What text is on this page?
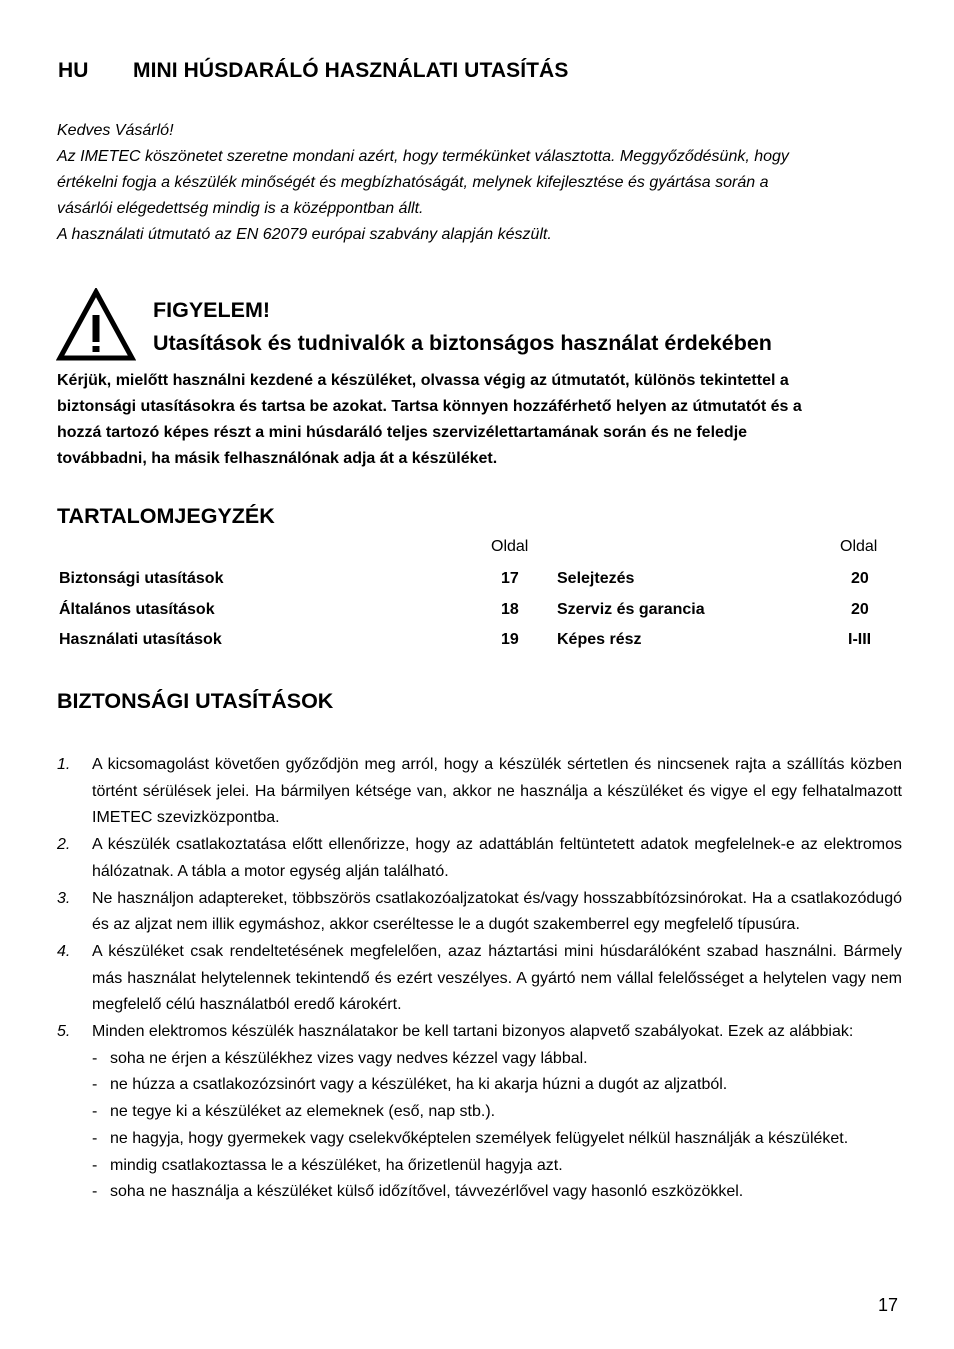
HU MINI HÚSDARÁLÓ HASZNÁLATI UTASÍTÁS
Kedves Vásárló!
Az IMETEC köszönetet szeretne mondani azért, hogy termékünket választotta. Meggyőződésünk, hogy
értékelni fogja a készülék minőségét és megbízhatóságát, melynek kifejlesztése és gyártása során a
vásárlói elégedettség mindig is a középpontban állt.
A használati útmutató az EN 62079 európai szabvány alapján készült.
FIGYELEM!
Utasítások és tudnivalók a biztonságos használat érdekében
Kérjük, mielőtt használni kezdené a készüléket, olvassa végig az útmutatót, különös tekintettel a
biztonsági utasításokra és tartsa be azokat. Tartsa könnyen hozzáférhető helyen az útmutatót és a
hozzá tartozó képes részt a mini húsdaráló teljes szervizélettartamának során és ne feledje
továbbadni, ha másik felhasználónak adja át a készüléket.
TARTALOMJEGYZÉK
Oldal	Oldal
Biztonsági utasítások	17 Selejtezés	20
Általános utasítások	18 Szerviz és garancia	20
Használati utasítások	19 Képes rész	I-III
BIZTONSÁGI UTASÍTÁSOK
1. A kicsomagolást követően győződjön meg arról, hogy a készülék sértetlen és nincsenek rajta a szállítás közben történt sérülések jelei. Ha bármilyen kétsége van, akkor ne használja a készüléket és vigye el egy felhatalmazott IMETEC szevizközpontba.
2. A készülék csatlakoztatása előtt ellenőrizze, hogy az adattáblán feltüntetett adatok megfelelnek-e az elektromos hálózatnak. A tábla a motor egység alján található.
3. Ne használjon adaptereket, többszörös csatlakozóaljzatokat és/vagy hosszabbítózsinórokat. Ha a csatlakozódugó és az aljzat nem illik egymáshoz, akkor cseréltesse le a dugót szakemberrel egy megfelelő típusúra.
4. A készüléket csak rendeltetésének megfelelően, azaz háztartási mini húsdarálóként szabad használni. Bármely más használat helytelennek tekintendő és ezért veszélyes. A gyártó nem vállal felelősséget a helytelen vagy nem megfelelő célú használatból eredő károkért.
5. Minden elektromos készülék használatakor be kell tartani bizonyos alapvető szabályokat. Ezek az alábbiak:
- soha ne érjen a készülékhez vizes vagy nedves kézzel vagy lábbal.
- ne húzza a csatlakozózsinórt vagy a készüléket, ha ki akarja húzni a dugót az aljzatból.
- ne tegye ki a készüléket az elemeknek (eső, nap stb.).
- ne hagyja, hogy gyermekek vagy cselekvőképtelen személyek felügyelet nélkül használják a készüléket.
- mindig csatlakoztassa le a készüléket, ha őrizetlenül hagyja azt.
- soha ne használja a készüléket külső időzítővel, távvezérlővel vagy hasonló eszközökkel.
17
